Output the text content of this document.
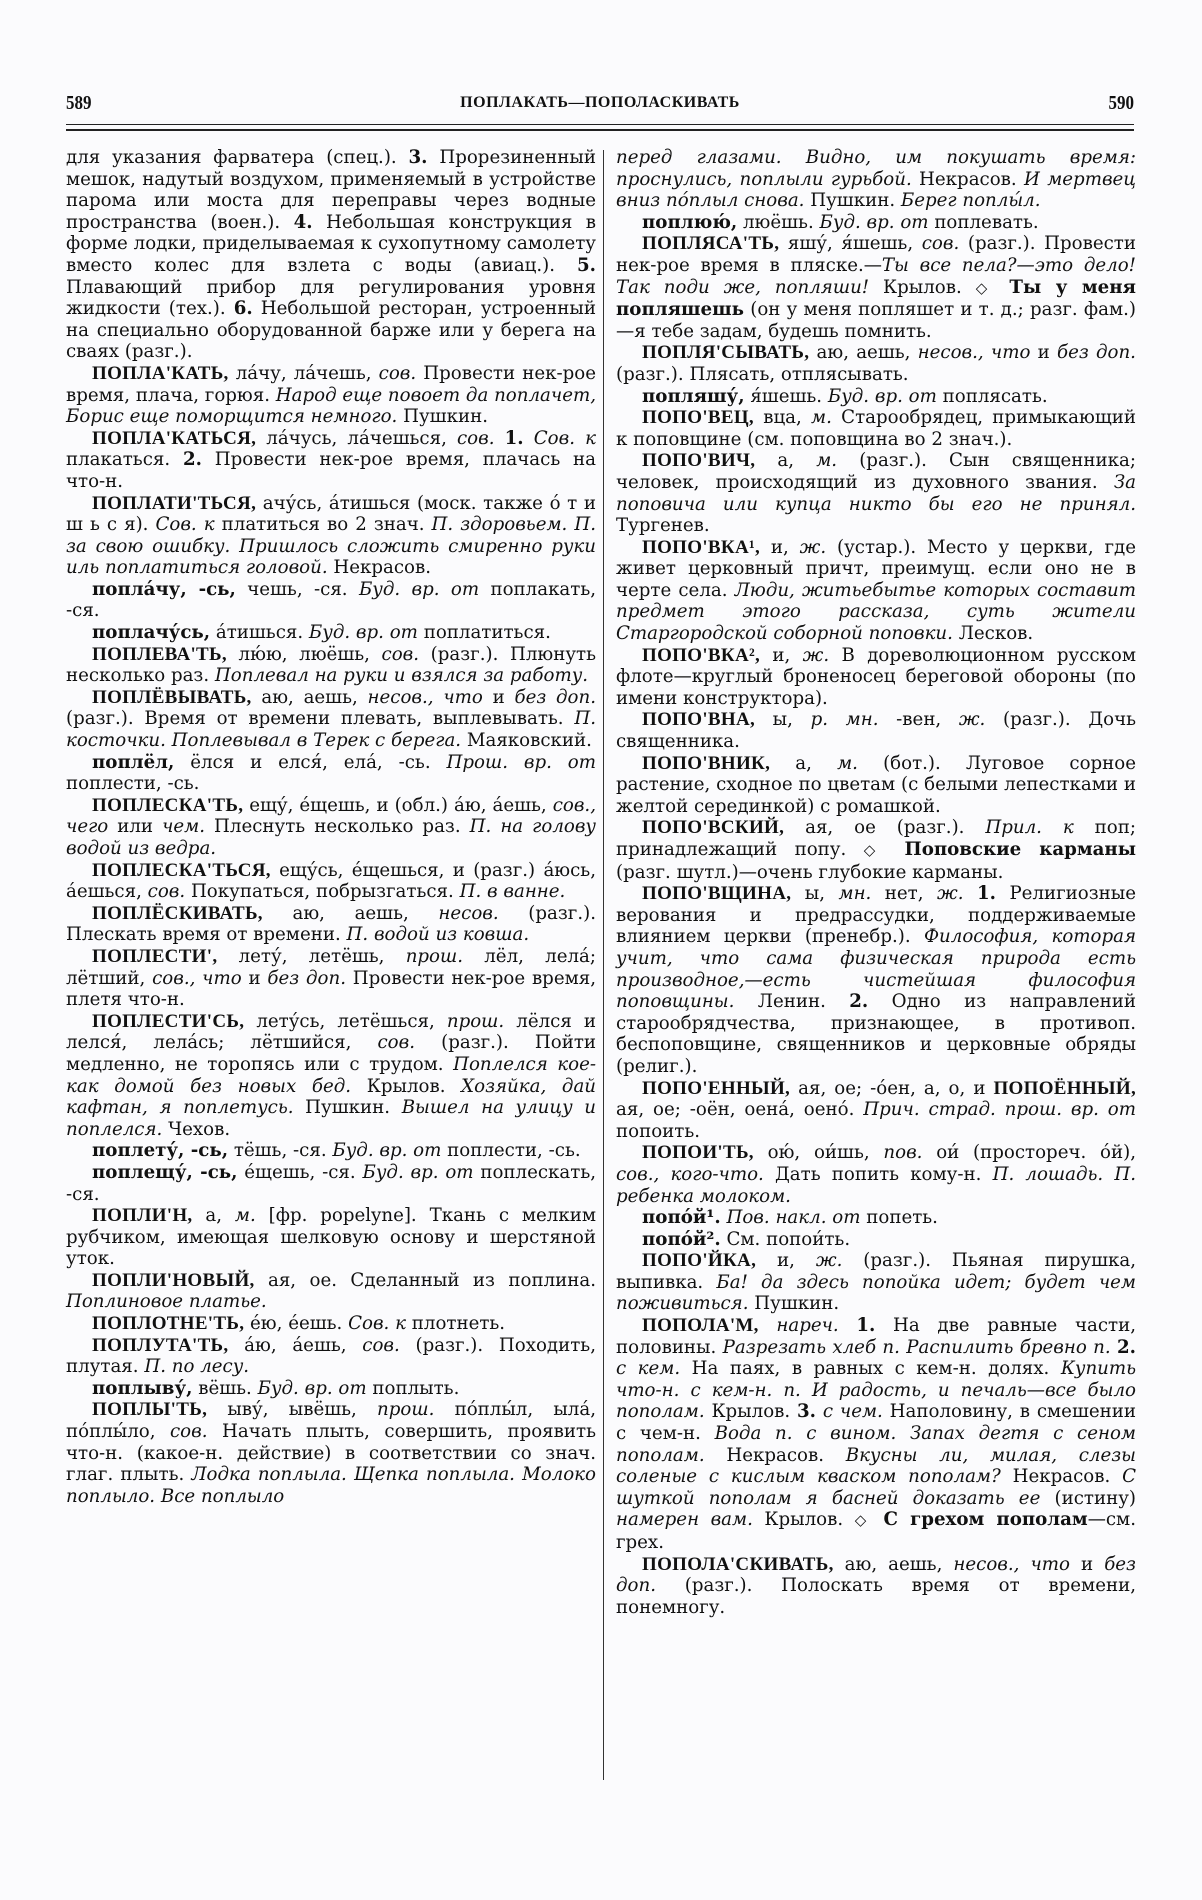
589	ПОПЛАКАТЬ—ПОПОЛАСКИВАТЬ	590

для указания фарватера (спец.). 3. Прорезиненный мешок, надутый воздухом, применяемый в устройстве парома или моста для переправы через водные пространства (воен.). 4. Небольшая конструкция в форме лодки, приделываемая к сухопутному самолету вместо колес для взлета с воды (авиац.). 5. Плавающий прибор для регулирования уровня жидкости (тех.). 6. Небольшой ресторан, устроенный на специально оборудованной барже или у берега на сваях (разг.).

ПОПЛА'КАТЬ, ла́чу, ла́чешь, сов. Провести нек-рое время, плача, горюя. Народ еще повоет да поплачет, Борис еще поморщится немного. Пушкин.

ПОПЛА'КАТЬСЯ, ла́чусь, ла́чешься, сов. 1. Сов. к плакаться. 2. Провести нек-рое время, плачась на что-н.

ПОПЛАТИ'ТЬСЯ, ачу́сь, а́тишься (моск. также о́ т и ш ь с я). Сов. к платиться во 2 знач. П. здоровьем. П. за свою ошибку. Пришлось сложить смиренно руки иль поплатиться головой. Некрасов.

попла́чу, -сь, чешь, -ся. Буд. вр. от поплакать, -ся.

поплачу́сь, а́тишься. Буд. вр. от поплатиться.

ПОПЛЕВА'ТЬ, лю́ю, люёшь, сов. (разг.). Плюнуть несколько раз. Поплевал на руки и взялся за работу.

ПОПЛЁВЫВАТЬ, аю, аешь, несов., что и без доп. (разг.). Время от времени плевать, выплевывать. П. косточки. Поплевывал в Терек с берега. Маяковский.

поплёл, ёлся и елся́, ела́, -сь. Прош. вр. от поплести, -сь.

ПОПЛЕСКА'ТЬ, ещу́, е́щешь, и (обл.) а́ю, а́ешь, сов., чего или чем. Плеснуть несколько раз. П. на голову водой из ведра.

ПОПЛЕСКА'ТЬСЯ, ещу́сь, е́щешься, и (разг.) а́юсь, а́ешься, сов. Покупаться, побрызгаться. П. в ванне.

ПОПЛЁСКИВАТЬ, аю, аешь, несов. (разг.). Плескать время от времени. П. водой из ковша.

ПОПЛЕСТИ', лету́, летёшь, прош. лёл, лела́; лётший, сов., что и без доп. Провести нек-рое время, плетя что-н.

ПОПЛЕСТИ'СЬ, лету́сь, летёшься, прош. лёлся и лелся́, лела́сь; лётшийся, сов. (разг.). Пойти медленно, не торопясь или с трудом. Поплелся кое-как домой без новых бед. Крылов. Хозяйка, дай кафтан, я поплетусь. Пушкин. Вышел на улицу и поплелся. Чехов.

поплету́, -сь, тёшь, -ся. Буд. вр. от поплести, -сь.

поплещу́, -сь, е́щешь, -ся. Буд. вр. от поплескать, -ся.

ПОПЛИ'Н, а, м. [фр. popelyne]. Ткань с мелким рубчиком, имеющая шелковую основу и шерстяной уток.

ПОПЛИ'НОВЫЙ, ая, ое. Сделанный из поплина. Поплиновое платье.

ПОПЛОТНЕ'ТЬ, е́ю, е́ешь. Сов. к плотнеть.

ПОПЛУТА'ТЬ, а́ю, а́ешь, сов. (разг.). Походить, плутая. П. по лесу.

поплыву́, вёшь. Буд. вр. от поплыть.

ПОПЛЫ'ТЬ, ыву́, ывёшь, прош. по́плы́л, ыла́, по́плы́ло, сов. Начать плыть, совершить, проявить что-н. (какое-н. действие) в соответствии со знач. глаг. плыть. Лодка поплыла. Щепка поплыла. Молоко поплыло. Все поплыло

перед глазами. Видно, им покушать время: проснулись, поплыли гурьбой. Некрасов. И мертвец вниз по́плыл снова. Пушкин. Берег поплы́л.

поплюю́, люёшь. Буд. вр. от поплевать.

ПОПЛЯСА'ТЬ, яшу́, я́шешь, сов. (разг.). Провести нек-рое время в пляске.—Ты все пела?—это дело! Так поди же, попляши! Крылов. ◇ Ты у меня попляшешь (он у меня попляшет и т. д.; разг. фам.)—я тебе задам, будешь помнить.

ПОПЛЯ'СЫВАТЬ, аю, аешь, несов., что и без доп. (разг.). Плясать, отплясывать.

попляшу́, я́шешь. Буд. вр. от поплясать.

ПОПО'ВЕЦ, вца, м. Старообрядец, примыкающий к поповщине (см. поповщина во 2 знач.).

ПОПО'ВИЧ, а, м. (разг.). Сын священника; человек, происходящий из духовного звания. За поповича или купца никто бы его не принял. Тургенев.

ПОПО'ВКА¹, и, ж. (устар.). Место у церкви, где живет церковный причт, преимущ. если оно не в черте села. Люди, житьебытье которых составит предмет этого рассказа, суть жители Старгородской соборной поповки. Лесков.

ПОПО'ВКА², и, ж. В дореволюционном русском флоте—круглый броненосец береговой обороны (по имени конструктора).

ПОПО'ВНА, ы, р. мн. -вен, ж. (разг.). Дочь священника.

ПОПО'ВНИК, а, м. (бот.). Луговое сорное растение, сходное по цветам (с белыми лепестками и желтой серединкой) с ромашкой.

ПОПО'ВСКИЙ, ая, ое (разг.). Прил. к поп; принадлежащий попу. ◇ Поповские карманы (разг. шутл.)—очень глубокие карманы.

ПОПО'ВЩИНА, ы, мн. нет, ж. 1. Религиозные верования и предрассудки, поддерживаемые влиянием церкви (пренебр.). Философия, которая учит, что сама физическая природа есть производное,—есть чистейшая философия поповщины. Ленин. 2. Одно из направлений старообрядчества, признающее, в противоп. беспоповщине, священников и церковные обряды (религ.).

ПОПО'ЕННЫЙ, ая, ое; -о́ен, а, о, и ПОПОЁННЫЙ, ая, ое; -оён, оена́, оено́. Прич. страд. прош. вр. от попоить.

ПОПОИ'ТЬ, ою́, ои́шь, пов. ои́ (простореч. о́й), сов., кого-что. Дать попить кому-н. П. лошадь. П. ребенка молоком.

попо́й¹. Пов. накл. от попеть.

попо́й². См. попои́ть.

ПОПО'ЙКА, и, ж. (разг.). Пьяная пирушка, выпивка. Ба! да здесь попойка идет; будет чем поживиться. Пушкин.

ПОПОЛА'М, нареч. 1. На две равные части, половины. Разрезать хлеб п. Распилить бревно п. 2. с кем. На паях, в равных с кем-н. долях. Купить что-н. с кем-н. п. И радость, и печаль—все было пополам. Крылов. 3. с чем. Наполовину, в смешении с чем-н. Вода п. с вином. Запах дегтя с сеном пополам. Некрасов. Вкусны ли, милая, слезы соленые с кислым кваском пополам? Некрасов. С шуткой пополам я басней доказать ее (истину) намерен вам. Крылов. ◇ С грехом пополам—см. грех.

ПОПОЛА'СКИВАТЬ, аю, аешь, несов., что и без доп. (разг.). Полоскать время от времени, понемногу.
